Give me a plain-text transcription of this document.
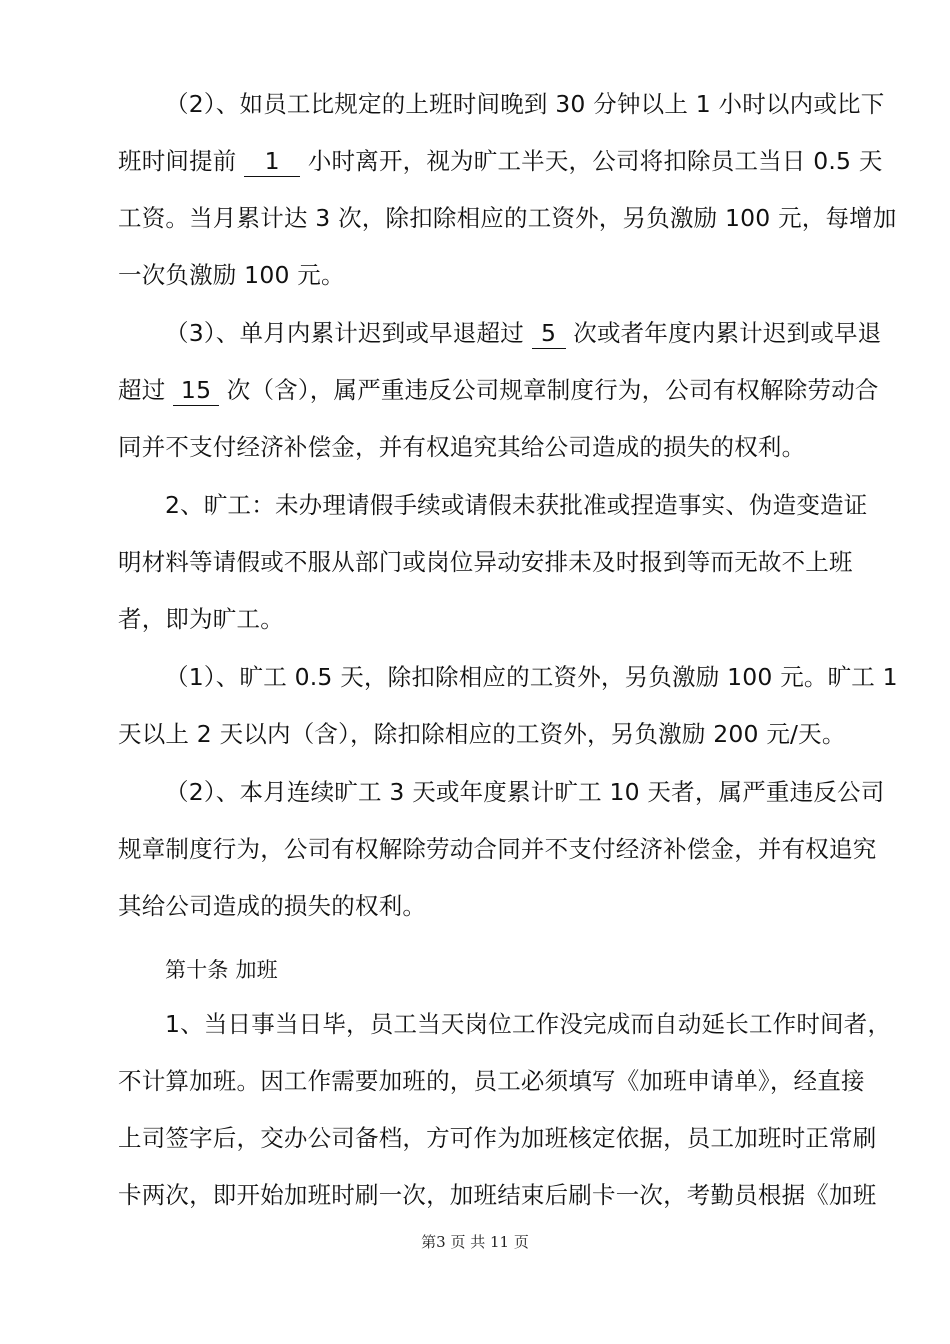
（2）、如员工比规定的上班时间晚到 30 分钟以上 1 小时以内或比下
班时间提前 1 小时离开，视为旷工半天，公司将扣除员工当日 0.5 天
工资。当月累计达 3 次，除扣除相应的工资外，另负激励 100 元，每增加
一次负激励 100 元。
（3）、单月内累计迟到或早退超过 5 次或者年度内累计迟到或早退
超过 15 次（含），属严重违反公司规章制度行为，公司有权解除劳动合
同并不支付经济补偿金，并有权追究其给公司造成的损失的权利。
2、旷工：未办理请假手续或请假未获批准或捏造事实、伪造变造证
明材料等请假或不服从部门或岗位异动安排未及时报到等而无故不上班
者，即为旷工。
（1）、旷工 0.5 天，除扣除相应的工资外，另负激励 100 元。旷工 1
天以上 2 天以内（含），除扣除相应的工资外，另负激励 200 元/天。
（2）、本月连续旷工 3 天或年度累计旷工 10 天者，属严重违反公司
规章制度行为，公司有权解除劳动合同并不支付经济补偿金，并有权追究
其给公司造成的损失的权利。
第十条 加班
1、当日事当日毕，员工当天岗位工作没完成而自动延长工作时间者，
不计算加班。因工作需要加班的，员工必须填写《加班申请单》，经直接
上司签字后，交办公司备档，方可作为加班核定依据，员工加班时正常刷
卡两次，即开始加班时刷一次，加班结束后刷卡一次，考勤员根据《加班
第3 页 共 11 页
